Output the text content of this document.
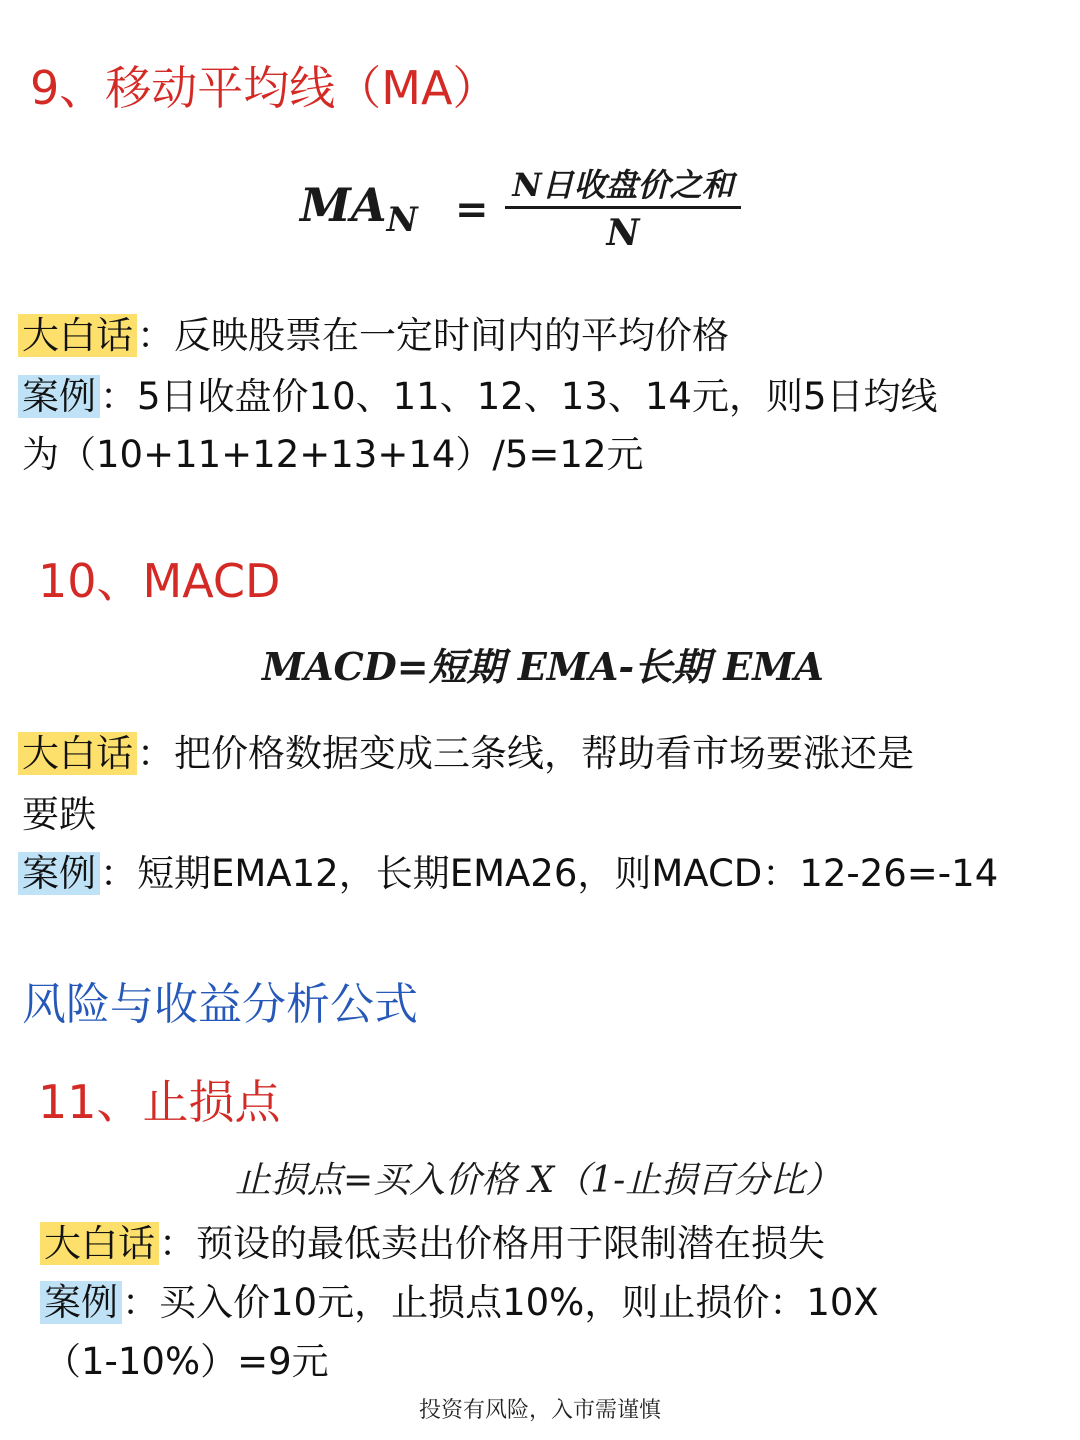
9、移动平均线（MA）
$MA_N$ =
N日收盘价之和
N
大白话 ：反映股票在一定时间内的平均价格
案例 ：5日收盘价10、11、12、13、14元，则5日均线
为（10+11+12+13+14）/5=12元
10、MACD
MACD=短期 EMA-长期 EMA
大白话 ：把价格数据变成三条线，帮助看市场要涨还是
要跌
案例 ：短期EMA12，长期EMA26，则MACD：12-26=-14
风险与收益分析公式
11、止损点
止损点=买入价格 X（1-止损百分比）
大白话 ：预设的最低卖出价格用于限制潜在损失
案例 ：买入价10元，止损点10%，则止损价：10X
（1-10%）=9元
投资有风险，入市需谨慎
